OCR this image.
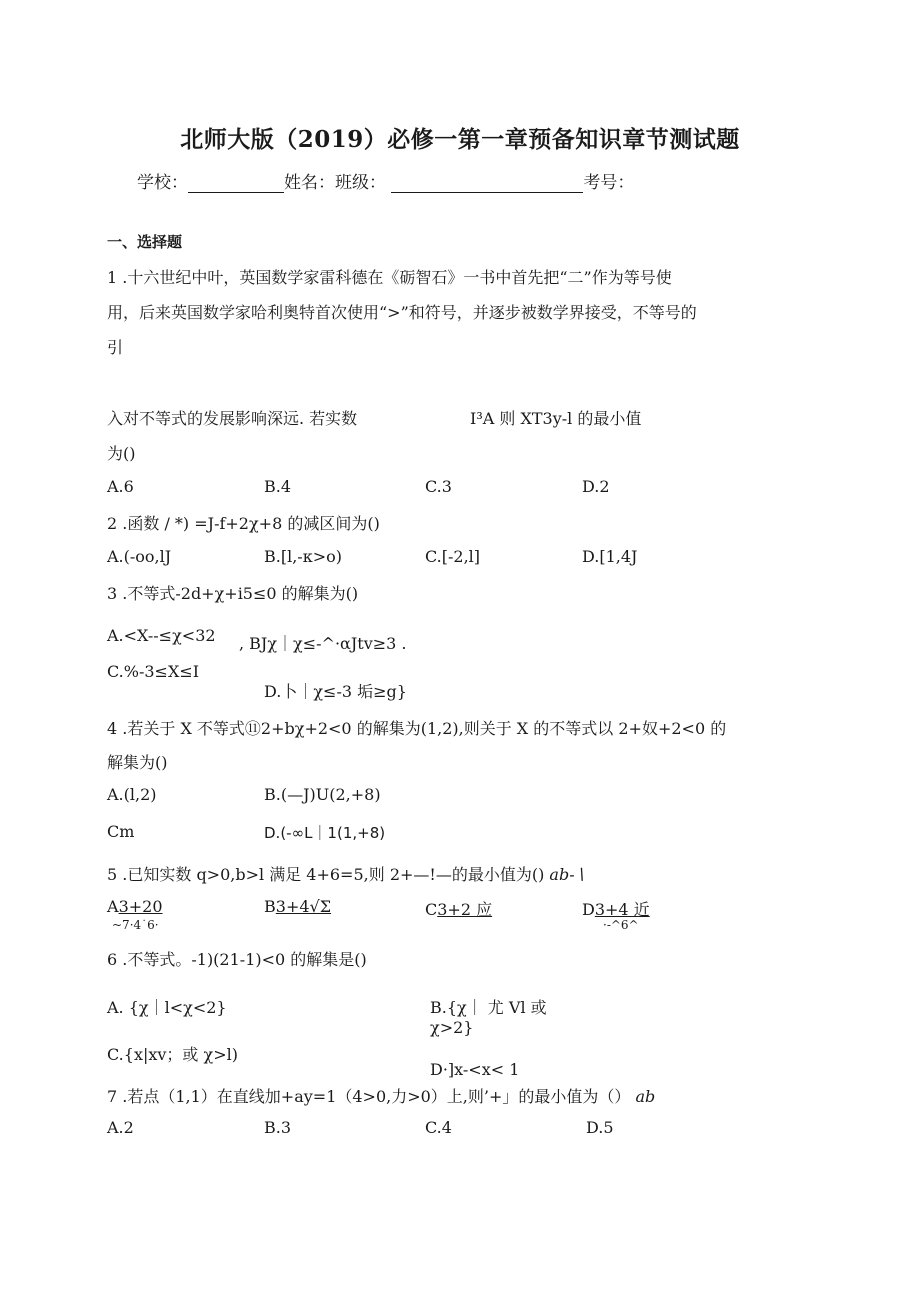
北师大版（2019）必修一第一章预备知识章节测试题
学校：	姓名：班级：	考号：
一、选择题
1 .十六世纪中叶，英国数学家雷科德在《砺智石》一书中首先把“二”作为等号使
用，后来英国数学家哈利奥特首次使用“>”和符号，并逐步被数学界接受，不等号的
引
入对不等式的发展影响深远. 若实数	I³A 则 XT3y-l 的最小值
为()
A.6	B.4	C.3	D.2
2 .函数 / *) =J-f+2χ+8 的减区间为()
A.(-oo,lJ	B.[l,-κ>o)	C.[-2,l]	D.[1,4J
3 .不等式-2d+χ+i5≤0 的解集为()
A.<X--≤χ<32 , BJχ｜χ≤-^·αJtv≥3 .
C.%-3≤X≤I
D.卜｜χ≤-3 垢≥g}
4 .若关于 X 不等式⑪2+bχ+2<0 的解集为(1,2),则关于 X 的不等式以 2+奴+2<0 的
解集为()
A.(l,2)	B.(—J)U(2,+8)
Cm	D.(-∞L｜1(1,+8)
5 .已知实数 q>0,b>l 满足 4+6=5,则 2+—!—的最小值为() ab-∖
A3+20
~7·4˙6·
B3+4√Σ	C3+2 应	D3+4 近
·-^6^
6 .不等式。-1)(21-1)<0 的解集是()
A. {χ｜l<χ<2}	B.{χ｜ 尤 Vl 或
χ>2}
C.{x|xv；或 χ>l)
D·]x-<x< 1
7 .若点（1,1）在直线加+ay=1（4>0,力>0）上,则’+」的最小值为（） ab
A.2	B.3	C.4	D.5
